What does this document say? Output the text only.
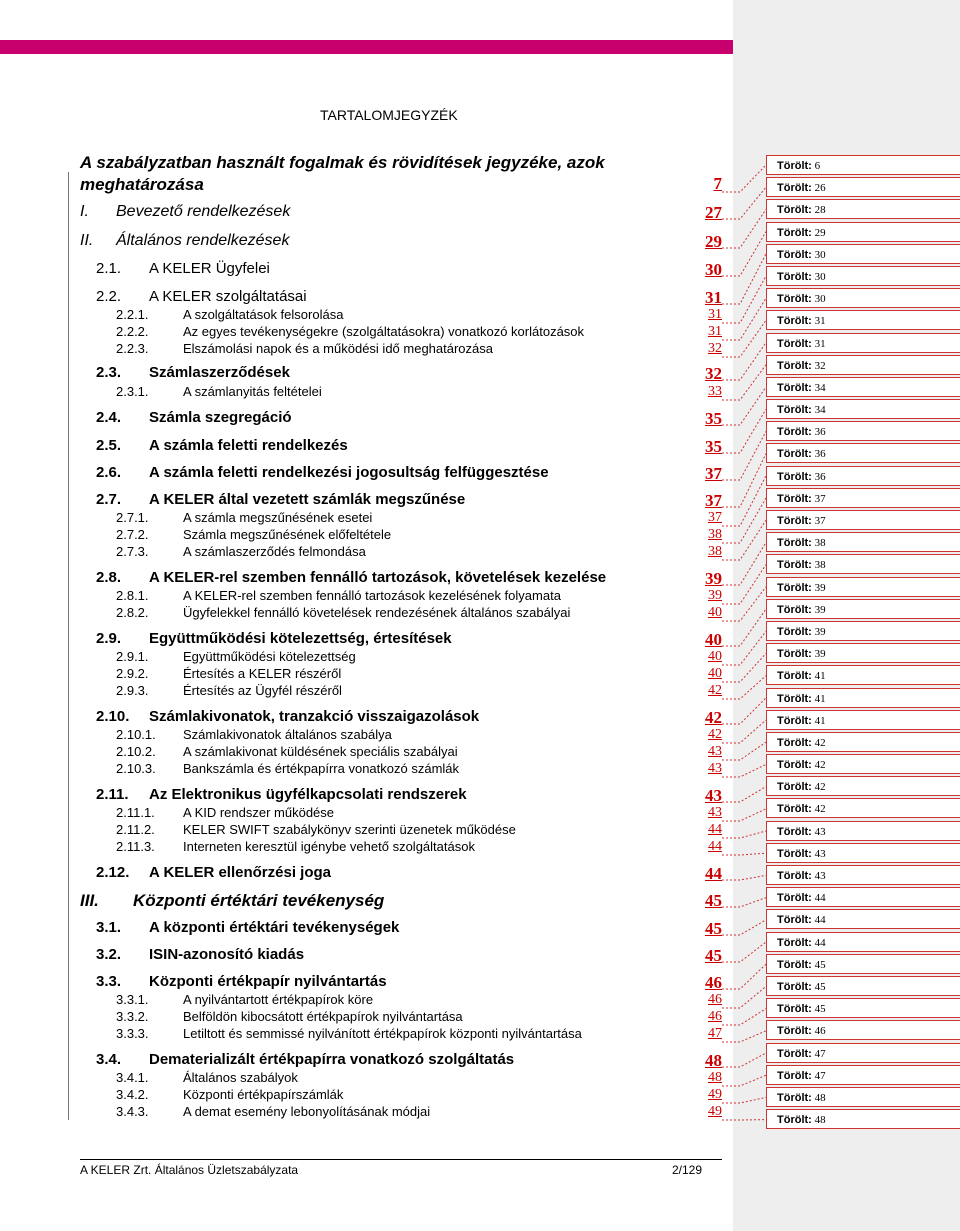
TARTALOMJEGYZÉK
A szabályzatban használt fogalmak és rövidítések jegyzéke, azok
meghatározása	7
I. Bevezető rendelkezések	27
II. Általános rendelkezések	29
2.1. A KELER Ügyfelei	30
2.2. A KELER szolgáltatásai	31
2.2.1.	A szolgáltatások felsorolása	31
2.2.2.	Az egyes tevékenységekre (szolgáltatásokra) vonatkozó korlátozások	31
2.2.3.	Elszámolási napok és a működési idő meghatározása	32
2.3. Számlaszerződések	32
2.3.1.	A számlanyitás feltételei	33
2.4. Számla szegregáció	35
2.5. A számla feletti rendelkezés	35
2.6. A számla feletti rendelkezési jogosultság felfüggesztése	37
2.7. A KELER által vezetett számlák megszűnése	37
2.7.1.	A számla megszűnésének esetei	37
2.7.2.	Számla megszűnésének előfeltétele	38
2.7.3.	A számlaszerződés felmondása	38
2.8. A KELER-rel szemben fennálló tartozások, követelések kezelése	39
2.8.1.	A KELER-rel szemben fennálló tartozások kezelésének folyamata	39
2.8.2.	Ügyfelekkel fennálló követelések rendezésének általános szabályai	40
2.9. Együttműködési kötelezettség, értesítések	40
2.9.1.	Együttműködési kötelezettség	40
2.9.2.	Értesítés a KELER részéről	40
2.9.3.	Értesítés az Ügyfél részéről	42
2.10. Számlakivonatok, tranzakció visszaigazolások	42
2.10.1. Számlakivonatok általános szabálya	42
2.10.2. A számlakivonat küldésének speciális szabályai	43
2.10.3. Bankszámla és értékpapírra vonatkozó számlák	43
2.11. Az Elektronikus ügyfélkapcsolati rendszerek	43
2.11.1. A KID rendszer működése	43
2.11.2. KELER SWIFT szabálykönyv szerinti üzenetek működése	44
2.11.3. Interneten keresztül igénybe vehető szolgáltatások	44
2.12. A KELER ellenőrzési joga	44
III. Központi értéktári tevékenység	45
3.1. A központi értéktári tevékenységek	45
3.2. ISIN-azonosító kiadás	45
3.3. Központi értékpapír nyilvántartás	46
3.3.1.	A nyilvántartott értékpapírok köre	46
3.3.2.	Belföldön kibocsátott értékpapírok nyilvántartása	46
3.3.3.	Letiltott és semmissé nyilvánított értékpapírok központi nyilvántartása	47
3.4. Dematerializált értékpapírra vonatkozó szolgáltatás	48
3.4.1.	Általános szabályok	48
3.4.2.	Központi értékpapírszámlák	49
3.4.3.	A demat esemény lebonyolításának módjai	49
Törölt: 6
Törölt: 26
Törölt: 28
Törölt: 29
Törölt: 30
Törölt: 30
Törölt: 30
Törölt: 31
Törölt: 31
Törölt: 32
Törölt: 34
Törölt: 34
Törölt: 36
Törölt: 36
Törölt: 36
Törölt: 37
Törölt: 37
Törölt: 38
Törölt: 38
Törölt: 39
Törölt: 39
Törölt: 39
Törölt: 39
Törölt: 41
Törölt: 41
Törölt: 41
Törölt: 42
Törölt: 42
Törölt: 42
Törölt: 42
Törölt: 43
Törölt: 43
Törölt: 43
Törölt: 44
Törölt: 44
Törölt: 44
Törölt: 45
Törölt: 45
Törölt: 45
Törölt: 46
Törölt: 47
Törölt: 47
Törölt: 48
Törölt: 48
A KELER Zrt. Általános Üzletszabályzata	2/129
